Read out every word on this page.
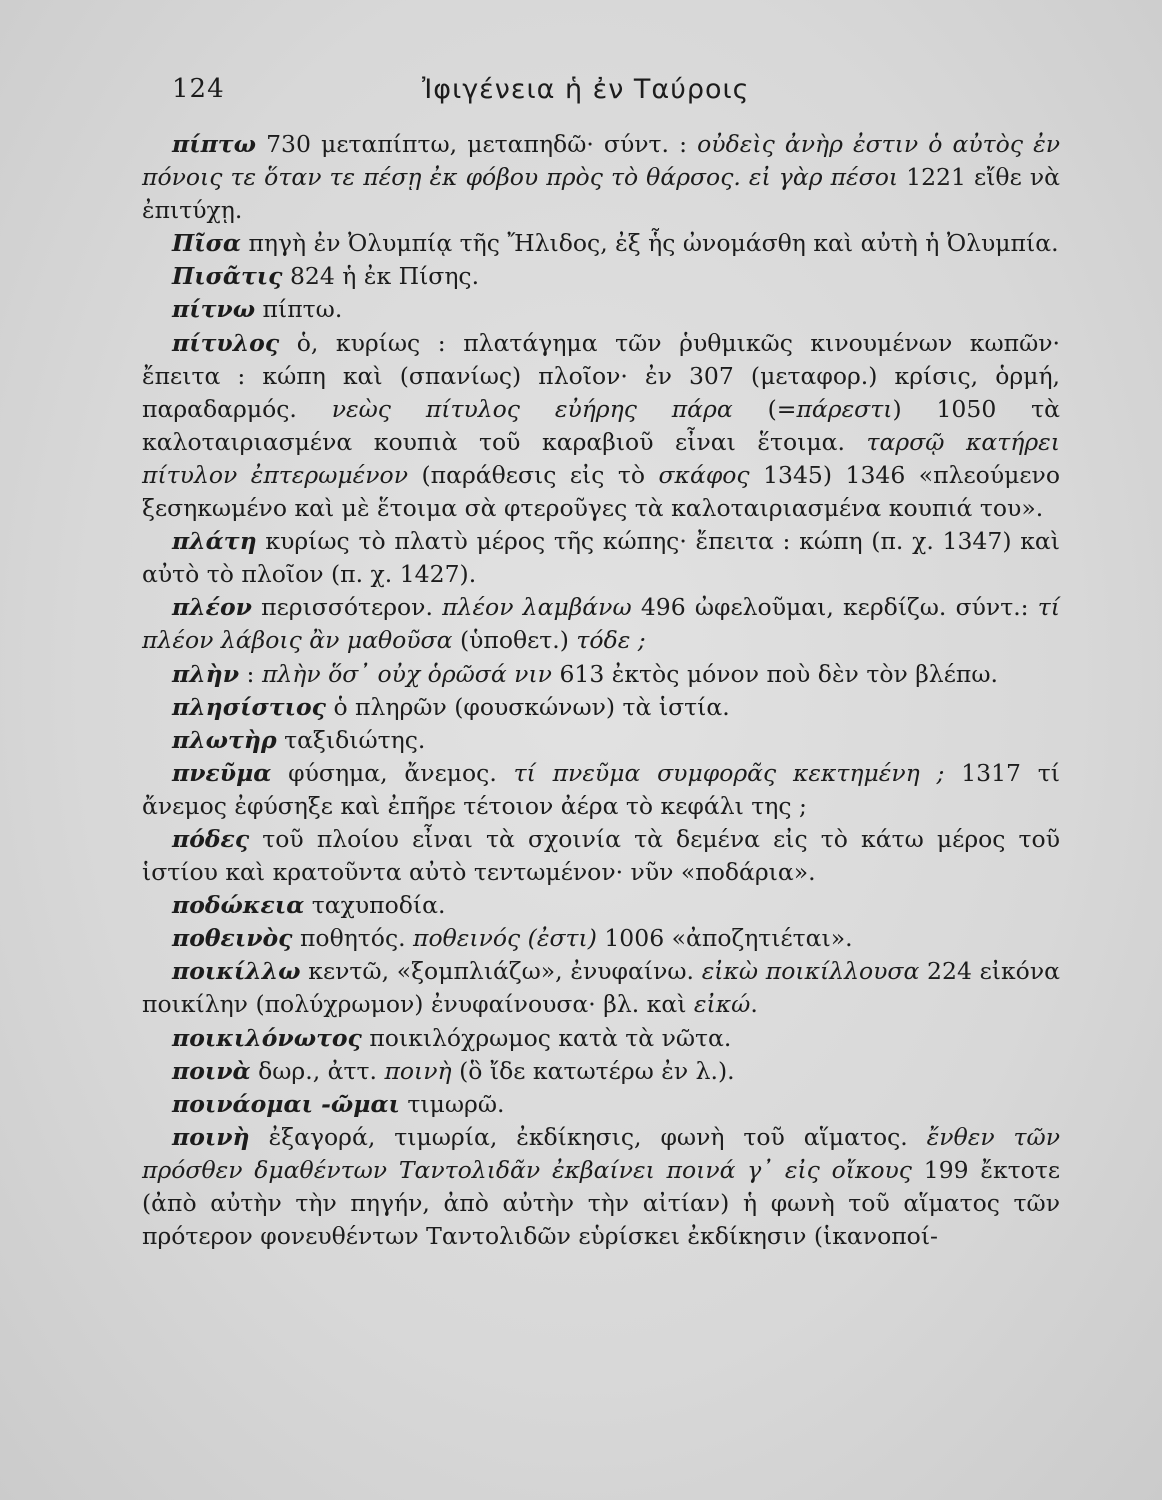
124	Ἰφιγένεια ἡ ἐν Ταύροις

πίπτω 730 μεταπίπτω, μεταπηδῶ· σύντ. : οὐδεὶς ἀνὴρ ἐστιν ὁ αὐτὸς ἐν πόνοις τε ὅταν τε πέσῃ ἐκ φόβου πρὸς τὸ θάρσος. εἰ γὰρ πέσοι 1221 εἴθε νὰ ἐπιτύχῃ.

Πῖσα πηγὴ ἐν Ὀλυμπίᾳ τῆς Ἤλιδος, ἐξ ἧς ὠνομάσθη καὶ αὐτὴ ἡ Ὀλυμπία.

Πισᾶτις 824 ἡ ἐκ Πίσης.

πίτνω πίπτω.

πίτυλος ὁ, κυρίως : πλατάγημα τῶν ῥυθμικῶς κινουμένων κωπῶν· ἔπειτα : κώπη καὶ (σπανίως) πλοῖον· ἐν 307 (μεταφορ.) κρίσις, ὁρμή, παραδαρμός. νεὼς πίτυλος εὐήρης πάρα (=πάρεστι) 1050 τὰ καλοταιριασμένα κουπιὰ τοῦ καραβιοῦ εἶναι ἕτοιμα. ταρσῷ κατήρει πίτυλον ἐπτερωμένον (παράθεσις εἰς τὸ σκάφος 1345) 1346 «πλεούμενο ξεσηκωμένο καὶ μὲ ἕτοιμα σὰ φτεροῦγες τὰ καλοταιριασμένα κουπιά του».

πλάτη κυρίως τὸ πλατὺ μέρος τῆς κώπης· ἔπειτα : κώπη (π. χ. 1347) καὶ αὐτὸ τὸ πλοῖον (π. χ. 1427).

πλέον περισσότερον. πλέον λαμβάνω 496 ὠφελοῦμαι, κερδίζω. σύντ.: τί πλέον λάβοις ἂν μαθοῦσα (ὑποθετ.) τόδε ;

πλὴν : πλὴν ὅσ᾽ οὐχ ὁρῶσά νιν 613 ἐκτὸς μόνον ποὺ δὲν τὸν βλέπω.

πλησίστιος ὁ πληρῶν (φουσκώνων) τὰ ἱστία.

πλωτὴρ ταξιδιώτης.

πνεῦμα φύσημα, ἄνεμος. τί πνεῦμα συμφορᾶς κεκτημένη ; 1317 τί ἄνεμος ἐφύσηξε καὶ ἐπῆρε τέτοιον ἀέρα τὸ κεφάλι της ;

πόδες τοῦ πλοίου εἶναι τὰ σχοινία τὰ δεμένα εἰς τὸ κάτω μέρος τοῦ ἱστίου καὶ κρατοῦντα αὐτὸ τεντωμένον· νῦν «ποδάρια».

ποδώκεια ταχυποδία.

ποθεινὸς ποθητός. ποθεινός (ἐστι) 1006 «ἀποζητιέται».

ποικίλλω κεντῶ, «ξομπλιάζω», ἐνυφαίνω. εἰκὼ ποικίλλουσα 224 εἰκόνα ποικίλην (πολύχρωμον) ἐνυφαίνουσα· βλ. καὶ εἰκώ.

ποικιλόνωτος ποικιλόχρωμος κατὰ τὰ νῶτα.

ποινὰ δωρ., ἀττ. ποινὴ (ὃ ἴδε κατωτέρω ἐν λ.).

ποινάομαι -ῶμαι τιμωρῶ.

ποινὴ ἐξαγορά, τιμωρία, ἐκδίκησις, φωνὴ τοῦ αἵματος. ἔνθεν τῶν πρόσθεν δμαθέντων Ταντολιδᾶν ἐκβαίνει ποινά γ᾽ εἰς οἴκους 199 ἔκτοτε (ἀπὸ αὐτὴν τὴν πηγήν, ἀπὸ αὐτὴν τὴν αἰτίαν) ἡ φωνὴ τοῦ αἵματος τῶν πρότερον φονευθέντων Ταντολιδῶν εὑρίσκει ἐκδίκησιν (ἱκανοποί-
